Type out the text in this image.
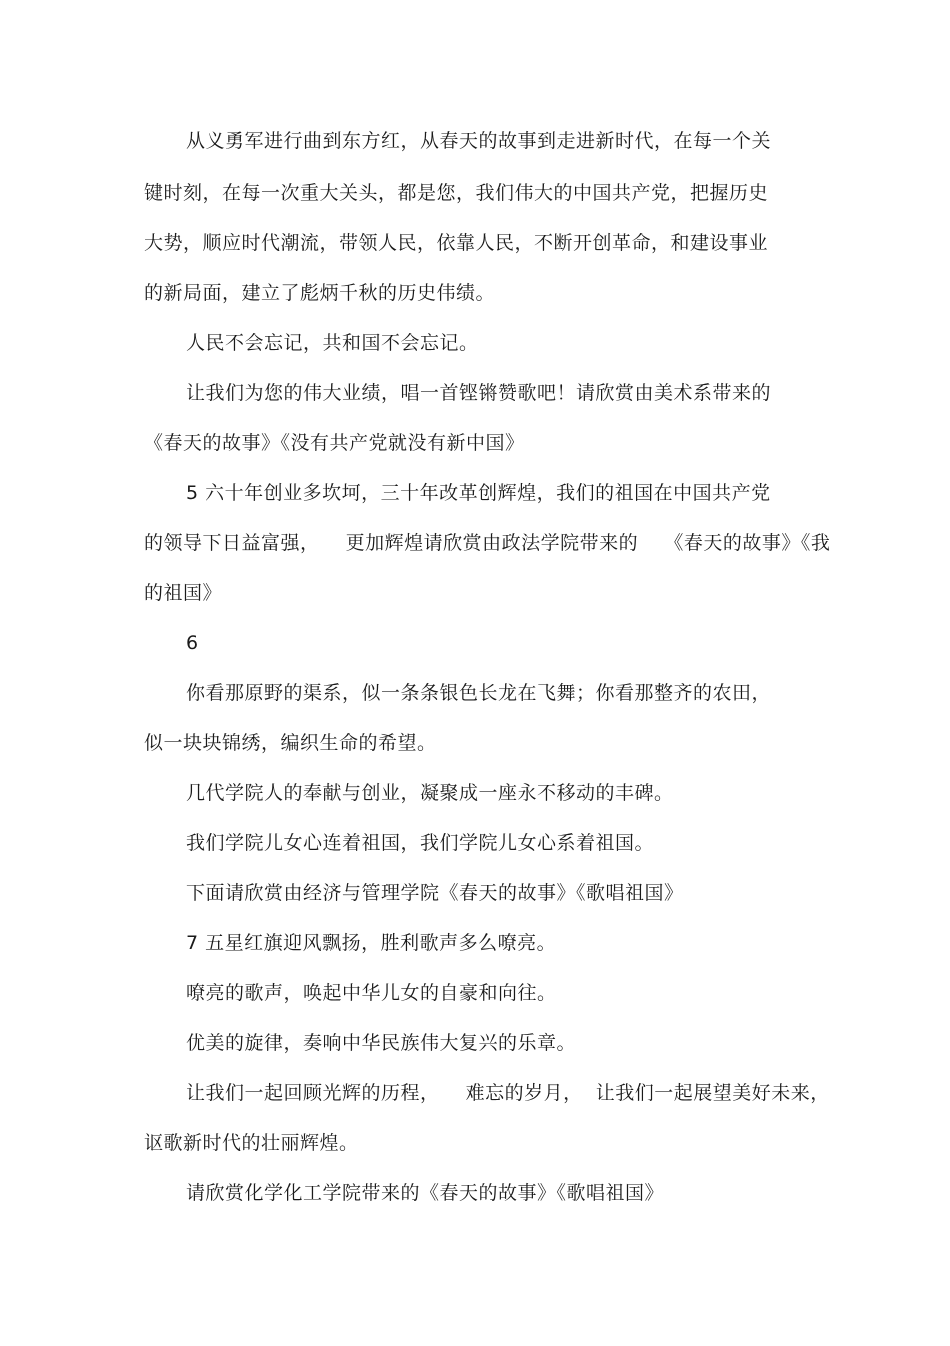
从义勇军进行曲到东方红，从春天的故事到走进新时代，在每一个关
键时刻，在每一次重大关头，都是您，我们伟大的中国共产党，把握历史
大势，顺应时代潮流，带领人民，依靠人民，不断开创革命，和建设事业
的新局面，建立了彪炳千秋的历史伟绩。
人民不会忘记，共和国不会忘记。
让我们为您的伟大业绩，唱一首铿锵赞歌吧！请欣赏由美术系带来的
《春天的故事》《没有共产党就没有新中国》
5 六十年创业多坎坷，三十年改革创辉煌，我们的祖国在中国共产党
的领导下日益富强，    更加辉煌请欣赏由政法学院带来的    《春天的故事》《我
的祖国》
6
你看那原野的渠系，似一条条银色长龙在飞舞；你看那整齐的农田，
似一块块锦绣，编织生命的希望。
几代学院人的奉献与创业，凝聚成一座永不移动的丰碑。
我们学院儿女心连着祖国，我们学院儿女心系着祖国。
下面请欣赏由经济与管理学院《春天的故事》《歌唱祖国》
7 五星红旗迎风飘扬，胜利歌声多么嘹亮。
嘹亮的歌声，唤起中华儿女的自豪和向往。
优美的旋律，奏响中华民族伟大复兴的乐章。
让我们一起回顾光辉的历程，    难忘的岁月，  让我们一起展望美好未来，
讴歌新时代的壮丽辉煌。
请欣赏化学化工学院带来的《春天的故事》《歌唱祖国》
